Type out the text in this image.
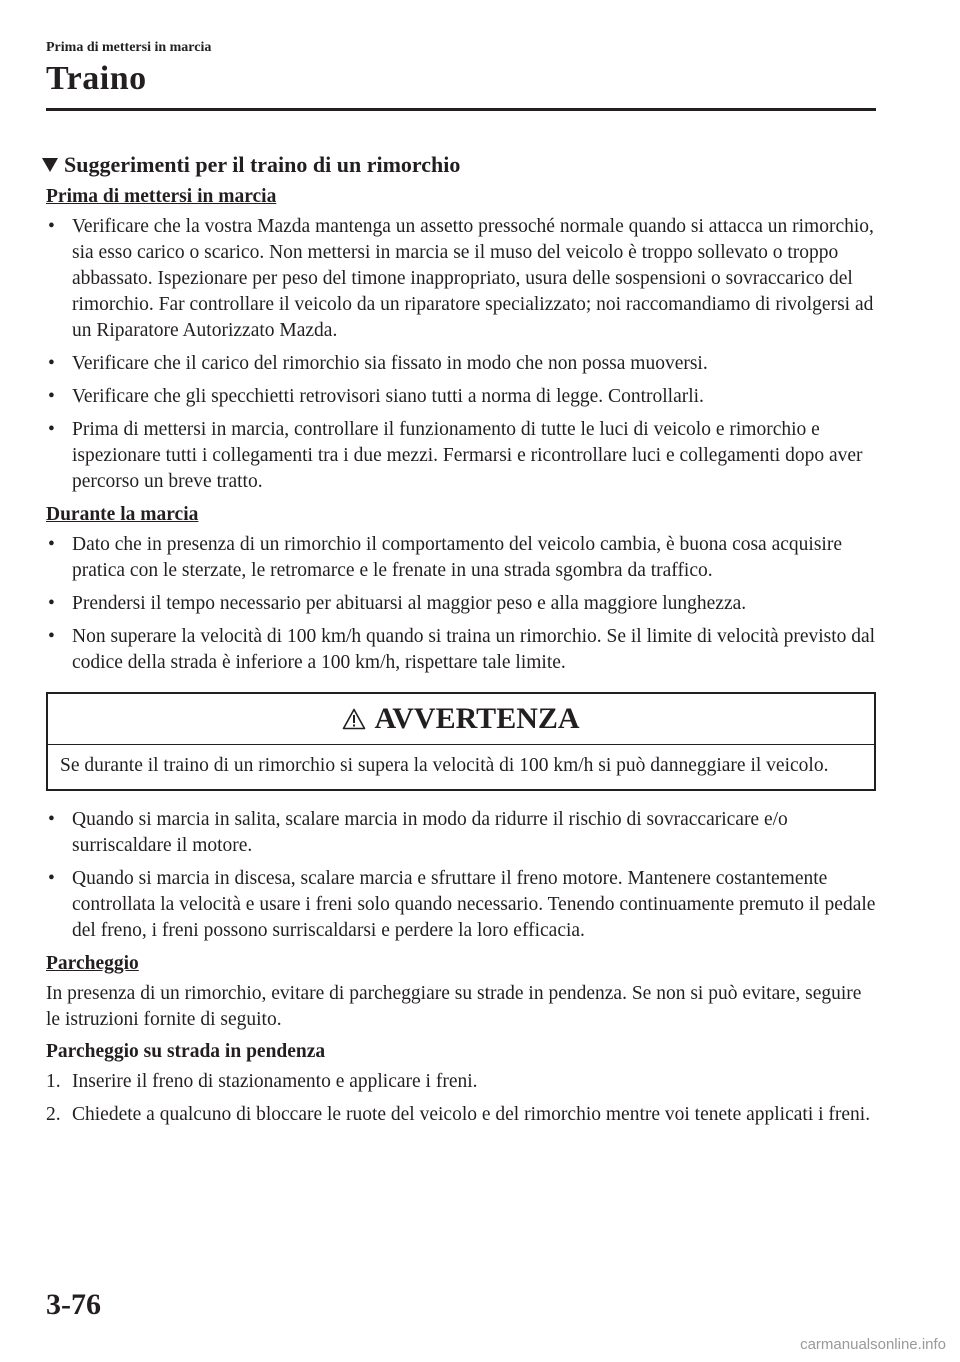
Prima di mettersi in marcia
Traino
Suggerimenti per il traino di un rimorchio
Prima di mettersi in marcia
• Verificare che la vostra Mazda mantenga un assetto pressoché normale quando si attacca un rimorchio, sia esso carico o scarico. Non mettersi in marcia se il muso del veicolo è troppo sollevato o troppo abbassato. Ispezionare per peso del timone inappropriato, usura delle sospensioni o sovraccarico del rimorchio. Far controllare il veicolo da un riparatore specializzato; noi raccomandiamo di rivolgersi ad un Riparatore Autorizzato Mazda.
• Verificare che il carico del rimorchio sia fissato in modo che non possa muoversi.
• Verificare che gli specchietti retrovisori siano tutti a norma di legge. Controllarli.
• Prima di mettersi in marcia, controllare il funzionamento di tutte le luci di veicolo e rimorchio e ispezionare tutti i collegamenti tra i due mezzi. Fermarsi e ricontrollare luci e collegamenti dopo aver percorso un breve tratto.
Durante la marcia
• Dato che in presenza di un rimorchio il comportamento del veicolo cambia, è buona cosa acquisire pratica con le sterzate, le retromarce e le frenate in una strada sgombra da traffico.
• Prendersi il tempo necessario per abituarsi al maggior peso e alla maggiore lunghezza.
• Non superare la velocità di 100 km/h quando si traina un rimorchio. Se il limite di velocità previsto dal codice della strada è inferiore a 100 km/h, rispettare tale limite.
AVVERTENZA
Se durante il traino di un rimorchio si supera la velocità di 100 km/h si può danneggiare il veicolo.
• Quando si marcia in salita, scalare marcia in modo da ridurre il rischio di sovraccaricare e/o surriscaldare il motore.
• Quando si marcia in discesa, scalare marcia e sfruttare il freno motore. Mantenere costantemente controllata la velocità e usare i freni solo quando necessario. Tenendo continuamente premuto il pedale del freno, i freni possono surriscaldarsi e perdere la loro efficacia.
Parcheggio

In presenza di un rimorchio, evitare di parcheggiare su strade in pendenza. Se non si può evitare, seguire le istruzioni fornite di seguito.

Parcheggio su strada in pendenza
1. Inserire il freno di stazionamento e applicare i freni.
2. Chiedete a qualcuno di bloccare le ruote del veicolo e del rimorchio mentre voi tenete applicati i freni.
3-76
carmanualsonline.info
